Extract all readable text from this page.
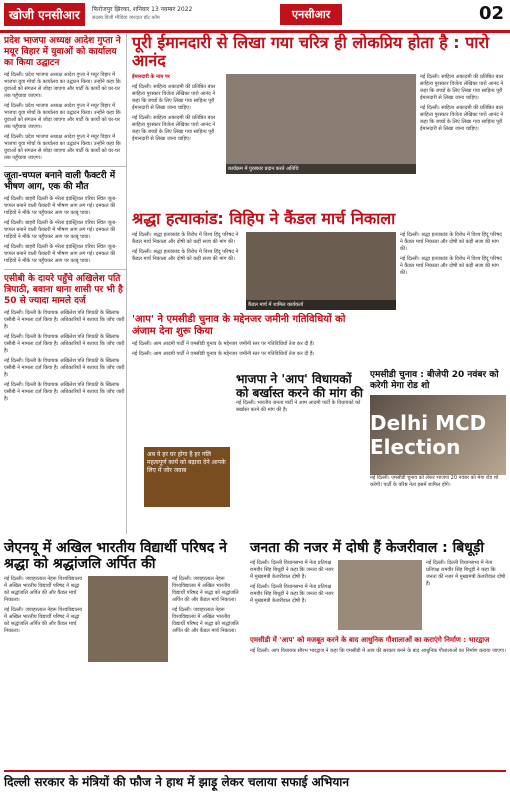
खोजी एनसीआर	फिरोजपुर झिरका, शनिवार 13 नवम्बर 2022
सदस्य डिजी मीडिया वारदात डॉट कॉम	एनसीआर	02
प्रदेश भाजपा अध्यक्ष आदेश गुप्ता ने मयूर विहार में युवाओं को कार्यालय का किया उद्घाटन
नई दिल्ली। प्रदेश भाजपा अध्यक्ष आदेश गुप्ता ने मयूर विहार में भाजपा युवा मोर्चा के कार्यालय का उद्घाटन किया। उन्होंने कहा कि युवाओं को संगठन से जोड़ा जाएगा और पार्टी के कार्यों को घर-घर तक पहुँचाया जाएगा।
नई दिल्ली। प्रदेश भाजपा अध्यक्ष आदेश गुप्ता ने मयूर विहार में भाजपा युवा मोर्चा के कार्यालय का उद्घाटन किया। उन्होंने कहा कि युवाओं को संगठन से जोड़ा जाएगा और पार्टी के कार्यों को घर-घर तक पहुँचाया जाएगा।
नई दिल्ली। प्रदेश भाजपा अध्यक्ष आदेश गुप्ता ने मयूर विहार में भाजपा युवा मोर्चा के कार्यालय का उद्घाटन किया। उन्होंने कहा कि युवाओं को संगठन से जोड़ा जाएगा और पार्टी के कार्यों को घर-घर तक पहुँचाया जाएगा।
जूता-चप्पल बनाने वाली फैक्टरी में भीषण आग, एक की मौत
नई दिल्ली। बाहरी दिल्ली के नरेला इंडस्ट्रियल एरिया स्थित जूता-चप्पल बनाने वाली फैक्टरी में भीषण आग लग गई। दमकल की गाड़ियों ने मौके पर पहुँचकर आग पर काबू पाया।
नई दिल्ली। बाहरी दिल्ली के नरेला इंडस्ट्रियल एरिया स्थित जूता-चप्पल बनाने वाली फैक्टरी में भीषण आग लग गई। दमकल की गाड़ियों ने मौके पर पहुँचकर आग पर काबू पाया।
नई दिल्ली। बाहरी दिल्ली के नरेला इंडस्ट्रियल एरिया स्थित जूता-चप्पल बनाने वाली फैक्टरी में भीषण आग लग गई। दमकल की गाड़ियों ने मौके पर पहुँचकर आग पर काबू पाया।
एसीबी के दायरे पहुँचे अखिलेश पति त्रिपाठी, बवाना थाना शासी पर भी है 50 से ज्यादा मामले दर्ज
नई दिल्ली। दिल्ली के विधायक अखिलेश पति त्रिपाठी के खिलाफ एसीबी ने मामला दर्ज किया है। अधिकारियों ने बताया कि जाँच जारी है।
नई दिल्ली। दिल्ली के विधायक अखिलेश पति त्रिपाठी के खिलाफ एसीबी ने मामला दर्ज किया है। अधिकारियों ने बताया कि जाँच जारी है।
नई दिल्ली। दिल्ली के विधायक अखिलेश पति त्रिपाठी के खिलाफ एसीबी ने मामला दर्ज किया है। अधिकारियों ने बताया कि जाँच जारी है।
नई दिल्ली। दिल्ली के विधायक अखिलेश पति त्रिपाठी के खिलाफ एसीबी ने मामला दर्ज किया है। अधिकारियों ने बताया कि जाँच जारी है।
पूरी ईमानदारी से लिखा गया चरित्र ही लोकप्रिय होता है : पारो आनंद
ईमानदारी के नाम पर
नई दिल्ली। साहित्य अकादमी की प्रतिष्ठित बाल साहित्य पुरस्कार विजेता लेखिका पारो आनंद ने कहा कि बच्चों के लिए लिखा गया साहित्य पूरी ईमानदारी से लिखा जाना चाहिए।
नई दिल्ली। साहित्य अकादमी की प्रतिष्ठित बाल साहित्य पुरस्कार विजेता लेखिका पारो आनंद ने कहा कि बच्चों के लिए लिखा गया साहित्य पूरी ईमानदारी से लिखा जाना चाहिए।
कार्यक्रम में पुरस्कार प्रदान करते अतिथि
नई दिल्ली। साहित्य अकादमी की प्रतिष्ठित बाल साहित्य पुरस्कार विजेता लेखिका पारो आनंद ने कहा कि बच्चों के लिए लिखा गया साहित्य पूरी ईमानदारी से लिखा जाना चाहिए।
नई दिल्ली। साहित्य अकादमी की प्रतिष्ठित बाल साहित्य पुरस्कार विजेता लेखिका पारो आनंद ने कहा कि बच्चों के लिए लिखा गया साहित्य पूरी ईमानदारी से लिखा जाना चाहिए।
श्रद्धा हत्याकांड: विहिप ने कैंडल मार्च निकाला
नई दिल्ली। श्रद्धा हत्याकांड के विरोध में विश्व हिंदू परिषद ने कैंडल मार्च निकाला और दोषी को कड़ी सजा की मांग की।
नई दिल्ली। श्रद्धा हत्याकांड के विरोध में विश्व हिंदू परिषद ने कैंडल मार्च निकाला और दोषी को कड़ी सजा की मांग की।
कैंडल मार्च में शामिल कार्यकर्ता
नई दिल्ली। श्रद्धा हत्याकांड के विरोध में विश्व हिंदू परिषद ने कैंडल मार्च निकाला और दोषी को कड़ी सजा की मांग की।
नई दिल्ली। श्रद्धा हत्याकांड के विरोध में विश्व हिंदू परिषद ने कैंडल मार्च निकाला और दोषी को कड़ी सजा की मांग की।
'आप' ने एमसीडी चुनाव के मद्देनजर जमीनी गतिविधियों को अंजाम देना शुरू किया
नई दिल्ली। आम आदमी पार्टी ने एमसीडी चुनाव के मद्देनजर जमीनी स्तर पर गतिविधियाँ तेज कर दी हैं।
नई दिल्ली। आम आदमी पार्टी ने एमसीडी चुनाव के मद्देनजर जमीनी स्तर पर गतिविधियाँ तेज कर दी हैं।
अब ये हर घर होगा है हर गलि महत्वपूर्ण कार्य को बढ़ावा देने आपके लिए में जोर जवाब
एमसीडी चुनाव : बीजेपी 20 नवंबर को करेगी मेगा रोड शो
Delhi MCD Election
नई दिल्ली। एमसीडी चुनाव को लेकर भाजपा 20 नवंबर को मेगा रोड शो करेगी। पार्टी के वरिष्ठ नेता इसमें शामिल होंगे।
भाजपा ने 'आप' विधायकों को बर्खास्त करने की मांग की
नई दिल्ली। भारतीय जनता पार्टी ने आम आदमी पार्टी के विधायकों को बर्खास्त करने की मांग की है।
जेएनयू में अखिल भारतीय विद्यार्थी परिषद ने श्रद्धा को श्रद्धांजलि अर्पित की
नई दिल्ली। जवाहरलाल नेहरू विश्वविद्यालय में अखिल भारतीय विद्यार्थी परिषद ने श्रद्धा को श्रद्धांजलि अर्पित की और कैंडल मार्च निकाला।
नई दिल्ली। जवाहरलाल नेहरू विश्वविद्यालय में अखिल भारतीय विद्यार्थी परिषद ने श्रद्धा को श्रद्धांजलि अर्पित की और कैंडल मार्च निकाला।
नई दिल्ली। जवाहरलाल नेहरू विश्वविद्यालय में अखिल भारतीय विद्यार्थी परिषद ने श्रद्धा को श्रद्धांजलि अर्पित की और कैंडल मार्च निकाला।
नई दिल्ली। जवाहरलाल नेहरू विश्वविद्यालय में अखिल भारतीय विद्यार्थी परिषद ने श्रद्धा को श्रद्धांजलि अर्पित की और कैंडल मार्च निकाला।
जनता की नजर में दोषी हैं केजरीवाल : बिधूड़ी
नई दिल्ली। दिल्ली विधानसभा में नेता प्रतिपक्ष रामवीर सिंह बिधूड़ी ने कहा कि जनता की नजर में मुख्यमंत्री केजरीवाल दोषी हैं।
नई दिल्ली। दिल्ली विधानसभा में नेता प्रतिपक्ष रामवीर सिंह बिधूड़ी ने कहा कि जनता की नजर में मुख्यमंत्री केजरीवाल दोषी हैं।
नई दिल्ली। दिल्ली विधानसभा में नेता प्रतिपक्ष रामवीर सिंह बिधूड़ी ने कहा कि जनता की नजर में मुख्यमंत्री केजरीवाल दोषी हैं।
एमसीडी में 'आप' को मजबूत करने के बाद आधुनिक गौशालाओं का कराएंगे निर्माण : भारद्वाज
नई दिल्ली। आप विधायक सौरभ भारद्वाज ने कहा कि एमसीडी में आप की सरकार बनने के बाद आधुनिक गौशालाओं का निर्माण कराया जाएगा।
दिल्ली सरकार के मंत्रियों की फौज ने हाथ में झाड़ू लेकर चलाया सफाई अभियान
